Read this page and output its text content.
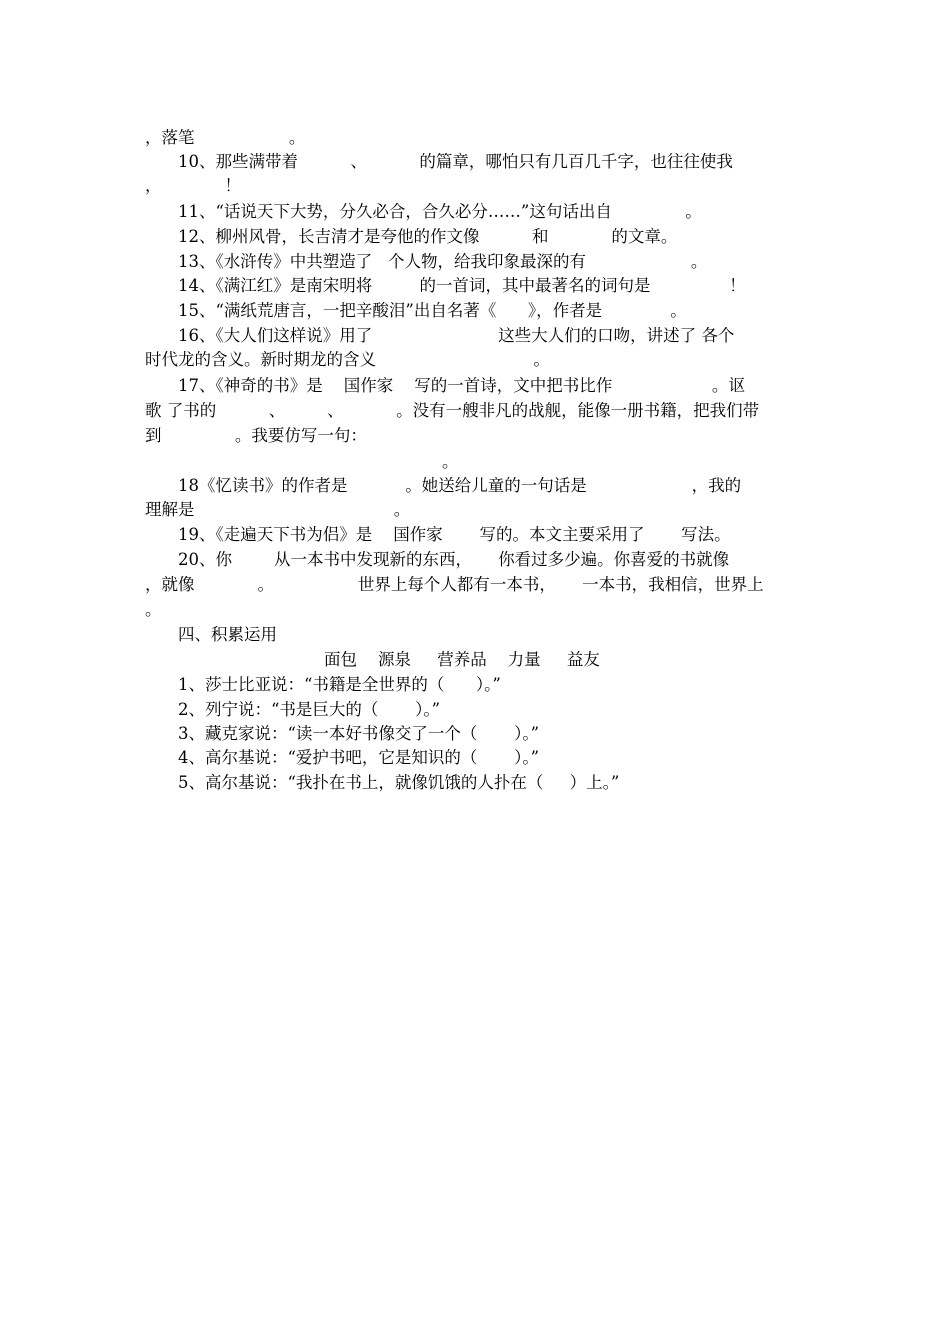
，落笔                  。
10、那些满带着          、          的篇章，哪怕只有几百几千字，也往往使我
，            ！
11、“话说天下大势，分久必合，合久必分……”这句话出自              。
12、柳州风骨，长吉清才是夸他的作文像          和            的文章。
13、《水浒传》中共塑造了   个人物，给我印象最深的有                    。
14、《满江红》是南宋明将         的一首词，其中最著名的词句是               ！
15、“满纸荒唐言，一把辛酸泪”出自名著《      》，作者是             。
16、《大人们这样说》用了                        这些大人们的口吻，讲述了 各个
时代龙的含义。新时期龙的含义                              。
17、《神奇的书》是    国作家    写的一首诗，文中把书比作                   。讴
歌 了书的          、        、          。没有一艘非凡的战舰，能像一册书籍，把我们带
到              。我要仿写一句：
。
18《忆读书》的作者是           。她送给儿童的一句话是                    ，我的
理解是                                      。
19、《走遍天下书为侣》是    国作家       写的。本文主要采用了       写法。
20、你        从一本书中发现新的东西，     你看过多少遍。你喜爱的书就像
，就像            。                世界上每个人都有一本书，     一本书，我相信，世界上
。
四、积累运用
面包    源泉     营养品    力量     益友
1、莎士比亚说：“书籍是全世界的（      ）。”
2、列宁说：“书是巨大的（       ）。”
3、藏克家说：“读一本好书像交了一个（       ）。”
4、高尔基说：“爱护书吧，它是知识的（       ）。”
5、高尔基说：“我扑在书上，就像饥饿的人扑在（     ）上。”
